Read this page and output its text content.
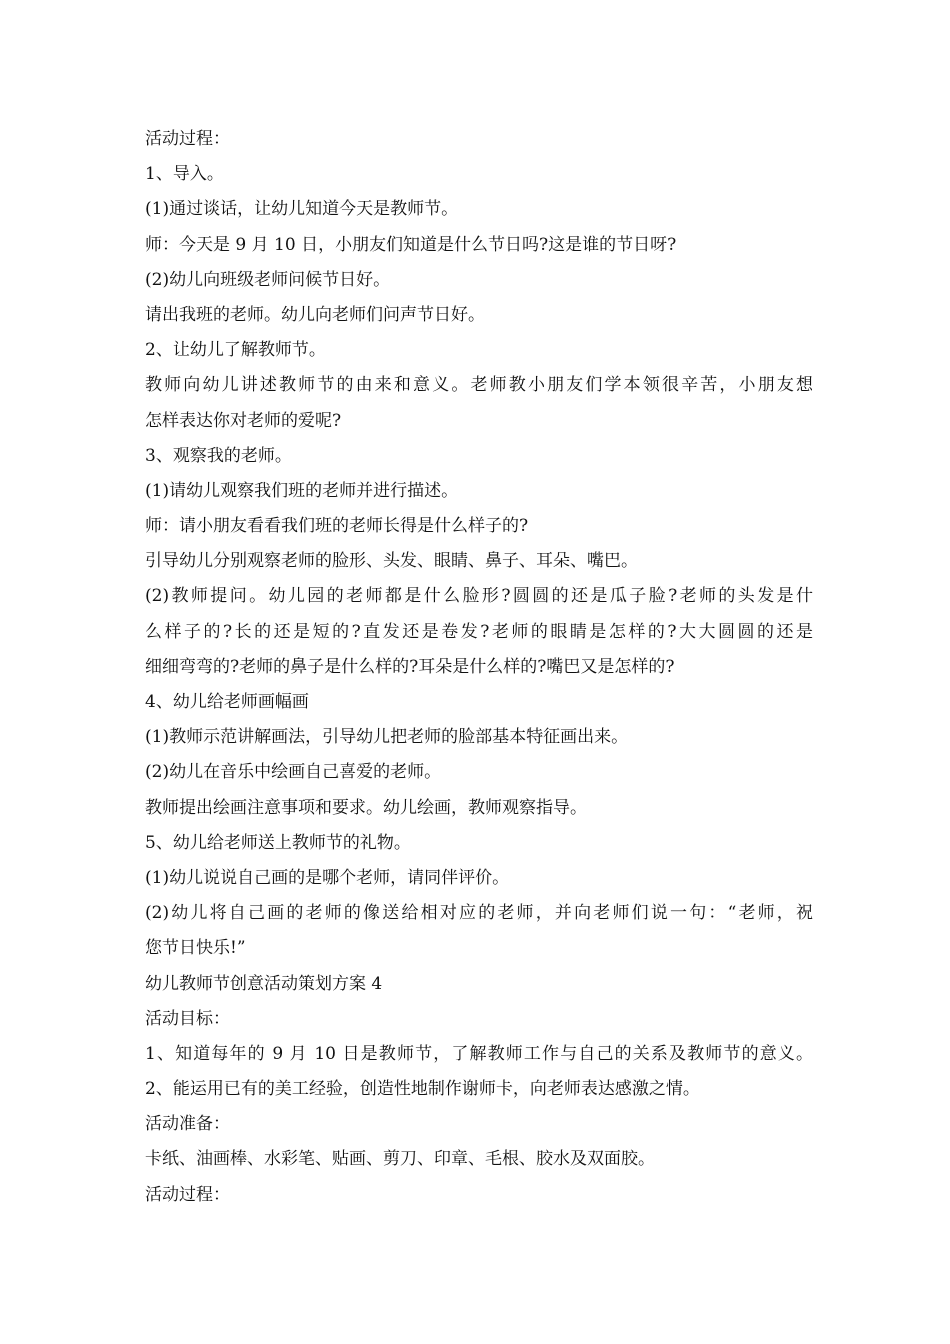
活动过程：
1、导入。
(1)通过谈话，让幼儿知道今天是教师节。
师：今天是 9 月 10 日，小朋友们知道是什么节日吗?这是谁的节日呀?
(2)幼儿向班级老师问候节日好。
请出我班的老师。幼儿向老师们问声节日好。
2、让幼儿了解教师节。
教师向幼儿讲述教师节的由来和意义。老师教小朋友们学本领很辛苦，小朋友想
怎样表达你对老师的爱呢?
3、观察我的老师。
(1)请幼儿观察我们班的老师并进行描述。
师：请小朋友看看我们班的老师长得是什么样子的?
引导幼儿分别观察老师的脸形、头发、眼睛、鼻子、耳朵、嘴巴。
(2)教师提问。幼儿园的老师都是什么脸形?圆圆的还是瓜子脸?老师的头发是什
么样子的?长的还是短的?直发还是卷发?老师的眼睛是怎样的?大大圆圆的还是
细细弯弯的?老师的鼻子是什么样的?耳朵是什么样的?嘴巴又是怎样的?
4、幼儿给老师画幅画
(1)教师示范讲解画法，引导幼儿把老师的脸部基本特征画出来。
(2)幼儿在音乐中绘画自己喜爱的老师。
教师提出绘画注意事项和要求。幼儿绘画，教师观察指导。
5、幼儿给老师送上教师节的礼物。
(1)幼儿说说自己画的是哪个老师，请同伴评价。
(2)幼儿将自己画的老师的像送给相对应的老师，并向老师们说一句：“老师，祝
您节日快乐!”
幼儿教师节创意活动策划方案 4
活动目标：
1、知道每年的 9 月 10 日是教师节，了解教师工作与自己的关系及教师节的意义。
2、能运用已有的美工经验，创造性地制作谢师卡，向老师表达感激之情。
活动准备：
卡纸、油画棒、水彩笔、贴画、剪刀、印章、毛根、胶水及双面胶。
活动过程：
